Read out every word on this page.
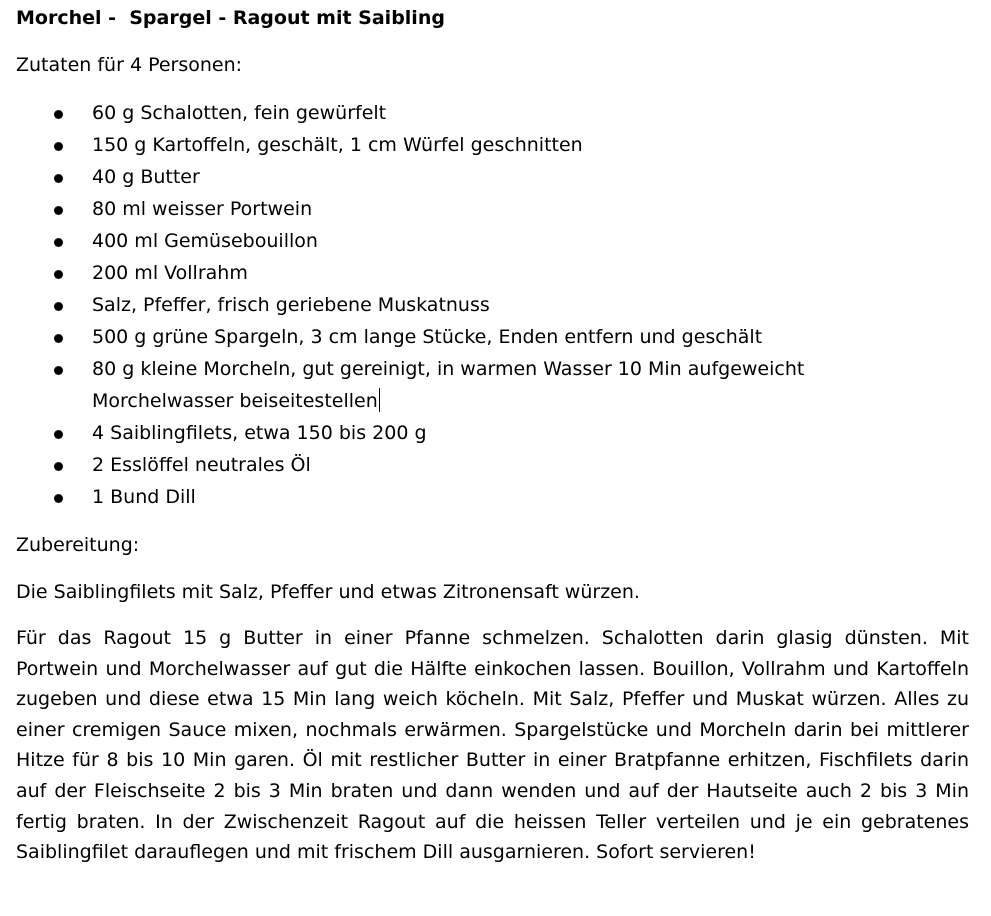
Morchel -  Spargel - Ragout mit Saibling

Zutaten für 4 Personen:

60 g Schalotten, fein gewürfelt
150 g Kartoffeln, geschält, 1 cm Würfel geschnitten
40 g Butter
80 ml weisser Portwein
400 ml Gemüsebouillon
200 ml Vollrahm
Salz, Pfeffer, frisch geriebene Muskatnuss
500 g grüne Spargeln, 3 cm lange Stücke, Enden entfern und geschält
80 g kleine Morcheln, gut gereinigt, in warmen Wasser 10 Min aufgeweicht
Morchelwasser beiseitestellen
4 Saiblingfilets, etwa 150 bis 200 g
2 Esslöffel neutrales Öl
1 Bund Dill

Zubereitung:

Die Saiblingfilets mit Salz, Pfeffer und etwas Zitronensaft würzen.

Für das Ragout 15 g Butter in einer Pfanne schmelzen. Schalotten darin glasig dünsten. Mit Portwein und Morchelwasser auf gut die Hälfte einkochen lassen. Bouillon, Vollrahm und Kartoffeln zugeben und diese etwa 15 Min lang weich köcheln. Mit Salz, Pfeffer und Muskat würzen. Alles zu einer cremigen Sauce mixen, nochmals erwärmen. Spargelstücke und Morcheln darin bei mittlerer Hitze für 8 bis 10 Min garen. Öl mit restlicher Butter in einer Bratpfanne erhitzen, Fischfilets darin auf der Fleischseite 2 bis 3 Min braten und dann wenden und auf der Hautseite auch 2 bis 3 Min fertig braten. In der Zwischenzeit Ragout auf die heissen Teller verteilen und je ein gebratenes Saiblingfilet darauflegen und mit frischem Dill ausgarnieren. Sofort servieren!
